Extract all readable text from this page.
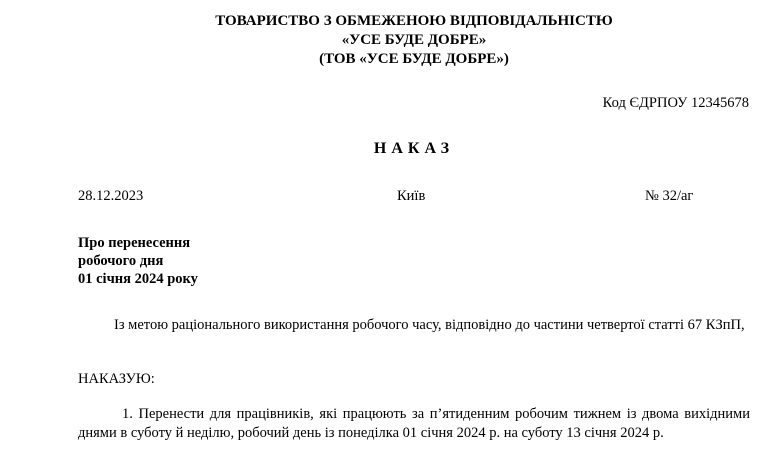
ТОВАРИСТВО З ОБМЕЖЕНОЮ ВІДПОВІДАЛЬНІСТЮ
«УСЕ БУДЕ ДОБРЕ»
(ТОВ «УСЕ БУДЕ ДОБРЕ»)
Код ЄДРПОУ 12345678
НАКАЗ
28.12.2023	Київ	№ 32/аг
Про перенесення
робочого дня
01 січня 2024 року

Із метою раціонального використання робочого часу, відповідно до частини четвертої статті 67 КЗпП,

НАКАЗУЮ:

1. Перенести для працівників, які працюють за п’ятиденним робочим тижнем із двома вихідними днями в суботу й неділю, робочий день із понеділка 01 січня 2024 р. на суботу 13 січня 2024 р.
